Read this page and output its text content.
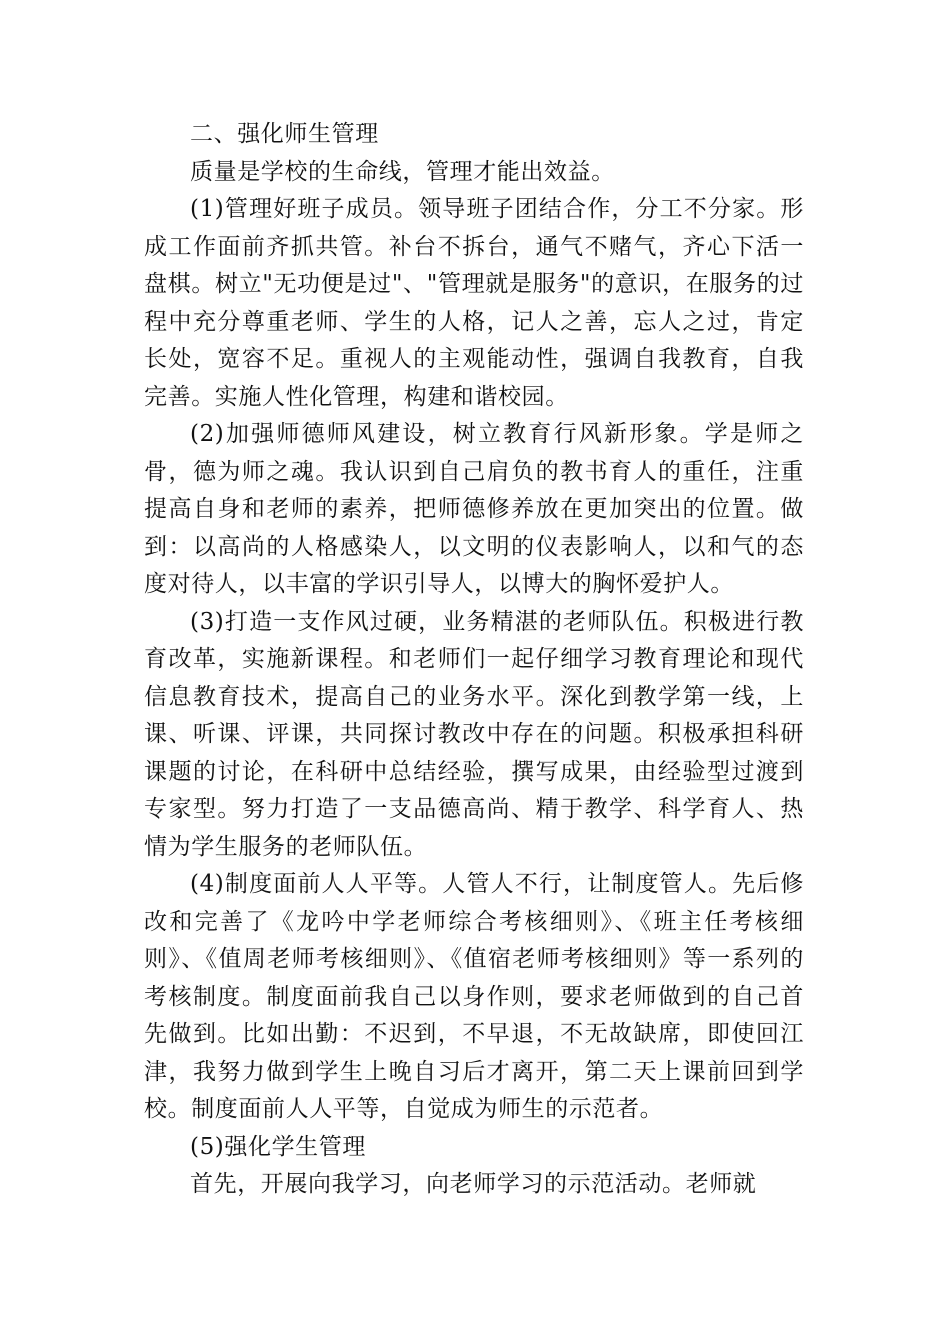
二、强化师生管理

质量是学校的生命线，管理才能出效益。

(1)管理好班子成员。领导班子团结合作，分工不分家。形成工作面前齐抓共管。补台不拆台，通气不赌气，齐心下活一盘棋。树立"无功便是过"、"管理就是服务"的意识，在服务的过程中充分尊重老师、学生的人格，记人之善，忘人之过，肯定长处，宽容不足。重视人的主观能动性，强调自我教育，自我完善。实施人性化管理，构建和谐校园。

(2)加强师德师风建设，树立教育行风新形象。学是师之骨，德为师之魂。我认识到自己肩负的教书育人的重任，注重提高自身和老师的素养，把师德修养放在更加突出的位置。做到：以高尚的人格感染人，以文明的仪表影响人，以和气的态度对待人，以丰富的学识引导人，以博大的胸怀爱护人。

(3)打造一支作风过硬，业务精湛的老师队伍。积极进行教育改革，实施新课程。和老师们一起仔细学习教育理论和现代信息教育技术，提高自己的业务水平。深化到教学第一线，上课、听课、评课，共同探讨教改中存在的问题。积极承担科研课题的讨论，在科研中总结经验，撰写成果，由经验型过渡到专家型。努力打造了一支品德高尚、精于教学、科学育人、热情为学生服务的老师队伍。

(4)制度面前人人平等。人管人不行，让制度管人。先后修改和完善了《龙吟中学老师综合考核细则》、《班主任考核细则》、《值周老师考核细则》、《值宿老师考核细则》等一系列的考核制度。制度面前我自己以身作则，要求老师做到的自己首先做到。比如出勤：不迟到，不早退，不无故缺席，即使回江津，我努力做到学生上晚自习后才离开，第二天上课前回到学校。制度面前人人平等，自觉成为师生的示范者。

(5)强化学生管理

首先，开展向我学习，向老师学习的示范活动。老师就
